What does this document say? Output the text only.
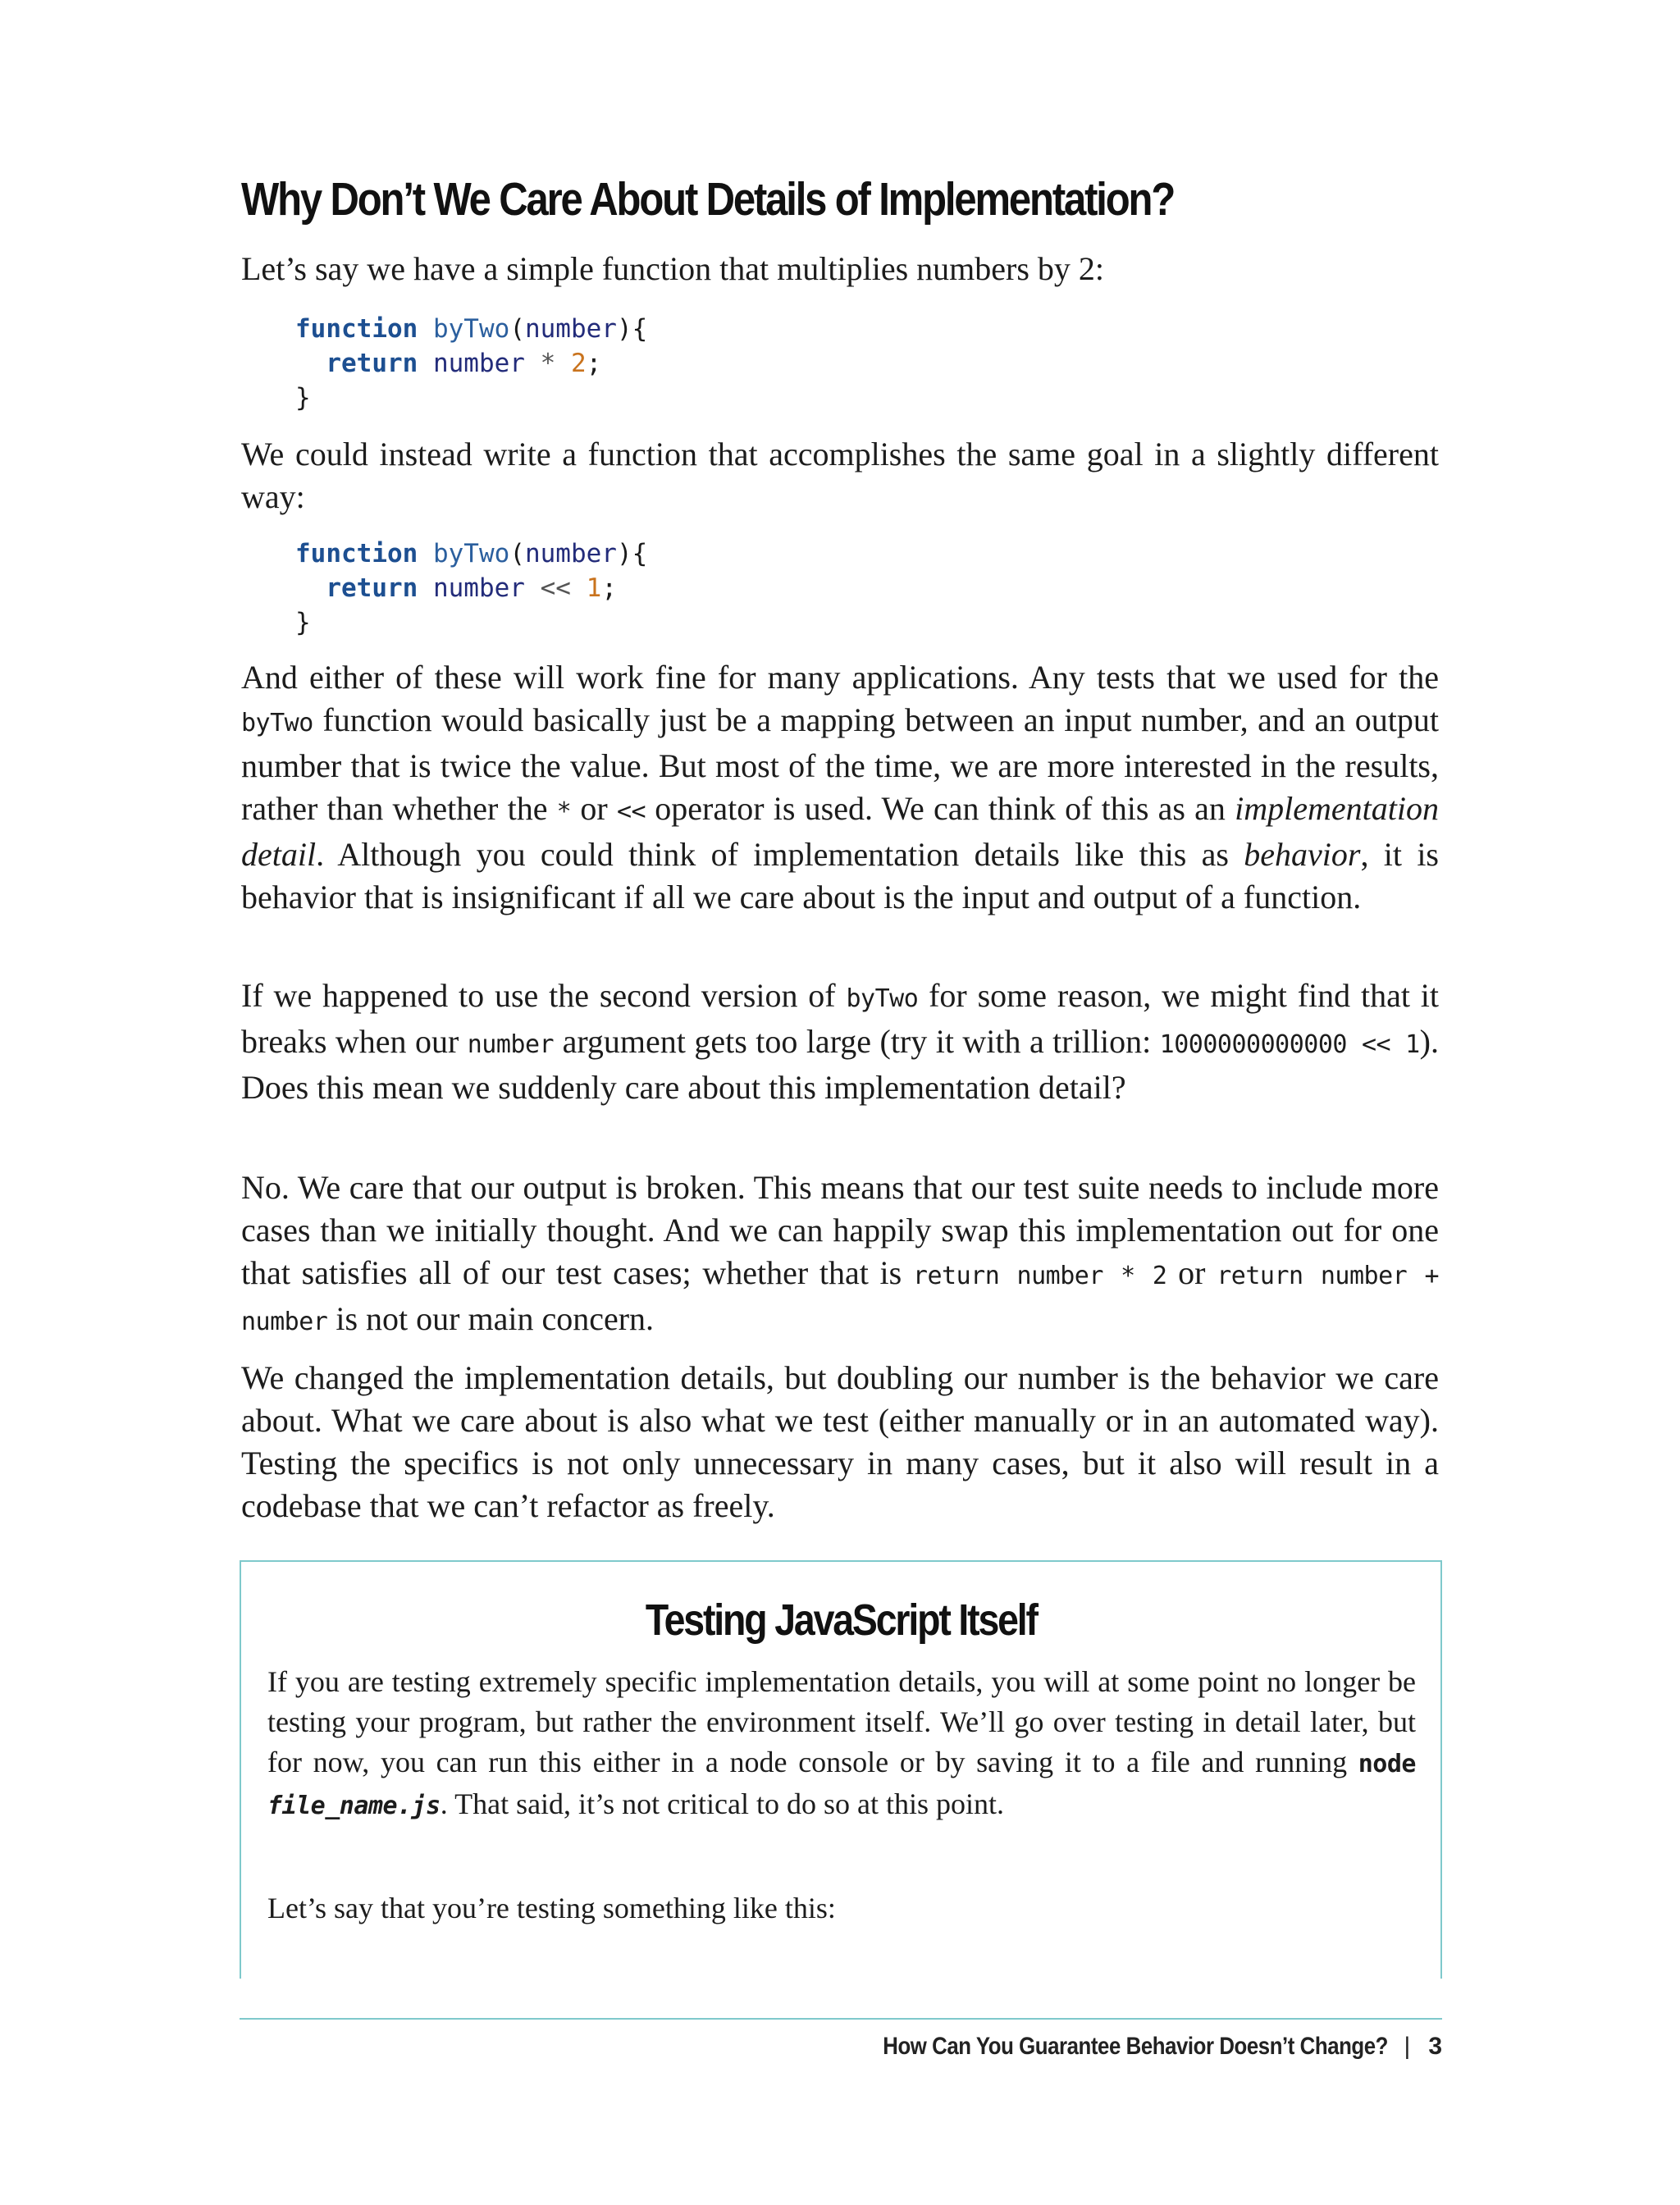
Why Don’t We Care About Details of Implementation?

Let’s say we have a simple function that multiplies numbers by 2:

function byTwo(number){
return number * 2;
}

We could instead write a function that accomplishes the same goal in a slightly different way:

function byTwo(number){
return number << 1;
}

And either of these will work fine for many applications. Any tests that we used for the byTwo function would basically just be a mapping between an input number, and an output number that is twice the value. But most of the time, we are more interested in the results, rather than whether the * or << operator is used. We can think of this as an implementation detail. Although you could think of implementation details like this as behavior, it is behavior that is insignificant if all we care about is the input and output of a function.

If we happened to use the second version of byTwo for some reason, we might find that it breaks when our number argument gets too large (try it with a trillion: 1000000000000 << 1). Does this mean we suddenly care about this implementation detail?

No. We care that our output is broken. This means that our test suite needs to include more cases than we initially thought. And we can happily swap this implementation out for one that satisfies all of our test cases; whether that is return number * 2 or return number + number is not our main concern.

We changed the implementation details, but doubling our number is the behavior we care about. What we care about is also what we test (either manually or in an automated way). Testing the specifics is not only unnecessary in many cases, but it also will result in a codebase that we can’t refactor as freely.

Testing JavaScript Itself

If you are testing extremely specific implementation details, you will at some point no longer be testing your program, but rather the environment itself. We’ll go over testing in detail later, but for now, you can run this either in a node console or by saving it to a file and running node file_name.js. That said, it’s not critical to do so at this point.

Let’s say that you’re testing something like this:

How Can You Guarantee Behavior Doesn’t Change? | 3
